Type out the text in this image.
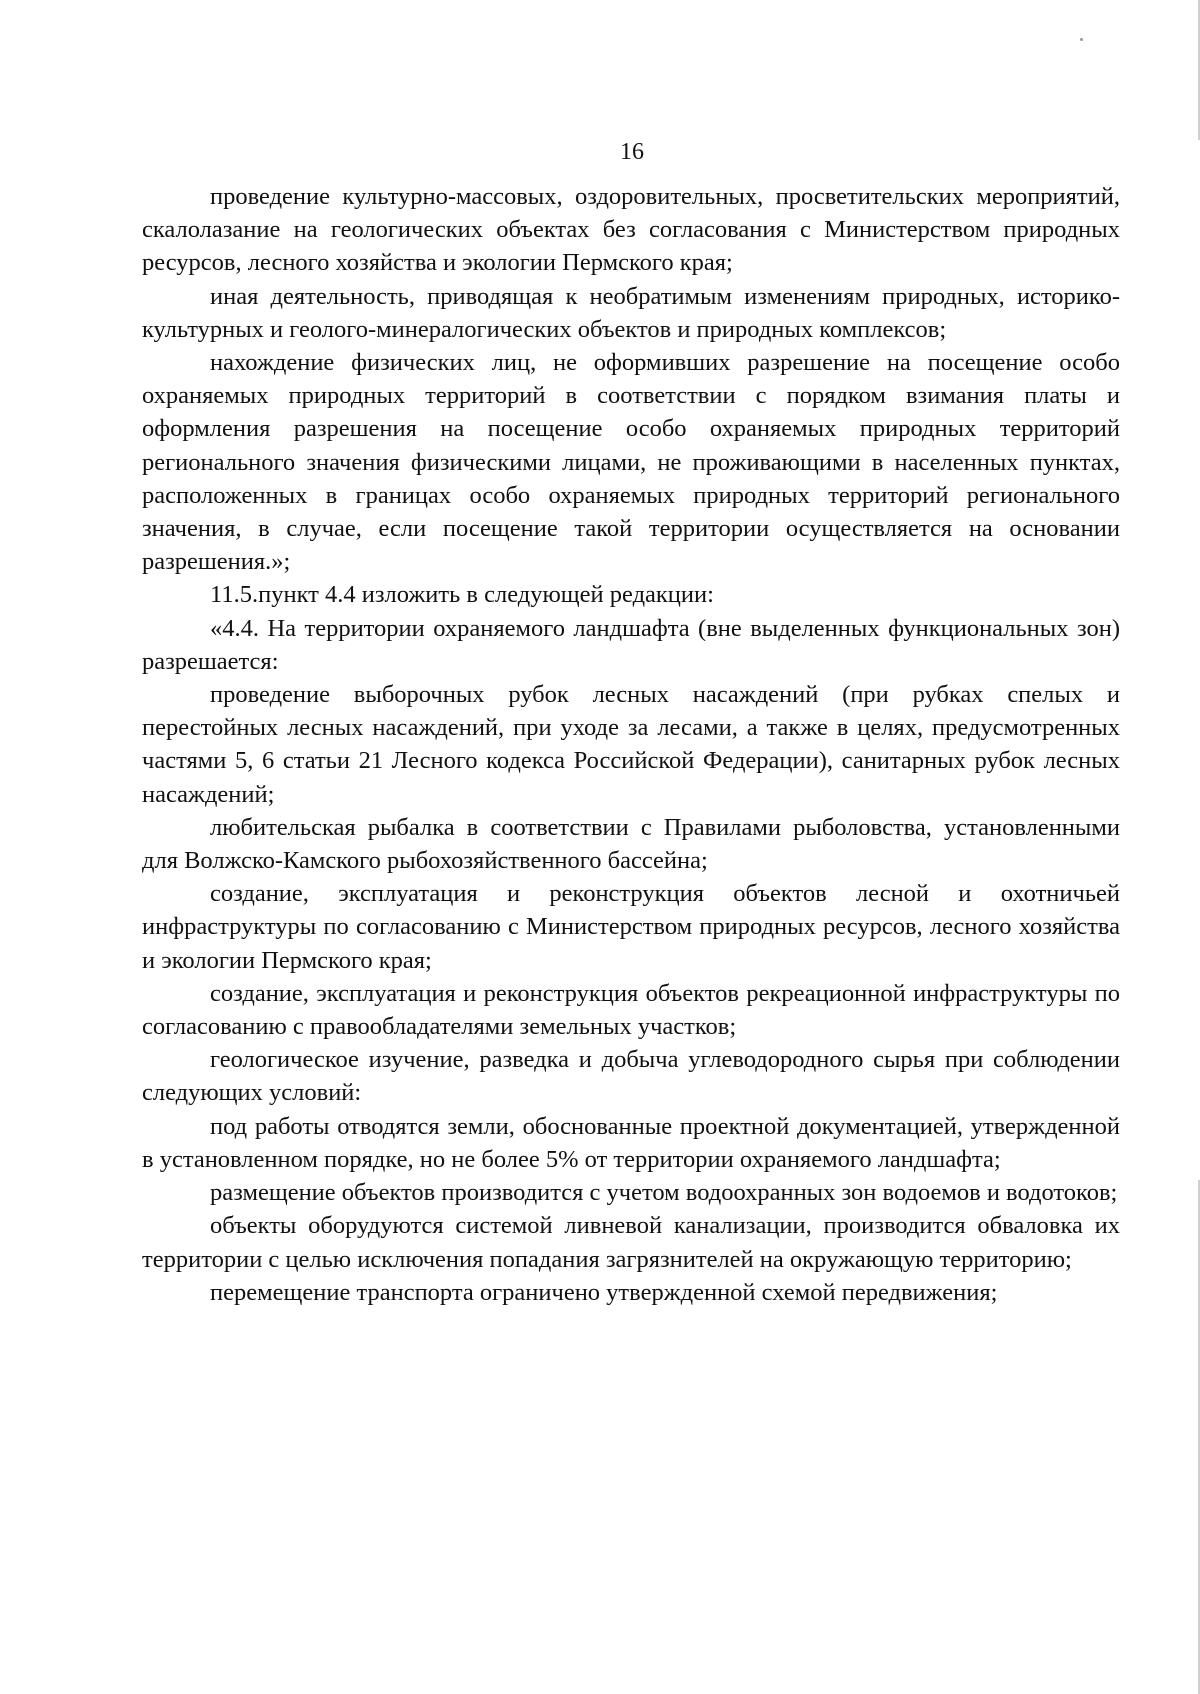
16

проведение культурно-массовых, оздоровительных, просветительских мероприятий, скалолазание на геологических объектах без согласования с Министерством природных ресурсов, лесного хозяйства и экологии Пермского края;

иная деятельность, приводящая к необратимым изменениям природных, историко-культурных и геолого-минералогических объектов и природных комплексов;

нахождение физических лиц, не оформивших разрешение на посещение особо охраняемых природных территорий в соответствии с порядком взимания платы и оформления разрешения на посещение особо охраняемых природных территорий регионального значения физическими лицами, не проживающими в населенных пунктах, расположенных в границах особо охраняемых природных территорий регионального значения, в случае, если посещение такой территории осуществляется на основании разрешения.»;

11.5.пункт 4.4 изложить в следующей редакции:

«4.4. На территории охраняемого ландшафта (вне выделенных функциональных зон) разрешается:

проведение выборочных рубок лесных насаждений (при рубках спелых и перестойных лесных насаждений, при уходе за лесами, а также в целях, предусмотренных частями 5, 6 статьи 21 Лесного кодекса Российской Федерации), санитарных рубок лесных насаждений;

любительская рыбалка в соответствии с Правилами рыболовства, установленными для Волжско-Камского рыбохозяйственного бассейна;

создание, эксплуатация и реконструкция объектов лесной и охотничьей инфраструктуры по согласованию с Министерством природных ресурсов, лесного хозяйства и экологии Пермского края;

создание, эксплуатация и реконструкция объектов рекреационной инфраструктуры по согласованию с правообладателями земельных участков;

геологическое изучение, разведка и добыча углеводородного сырья при соблюдении следующих условий:

под работы отводятся земли, обоснованные проектной документацией, утвержденной в установленном порядке, но не более 5% от территории охраняемого ландшафта;

размещение объектов производится с учетом водоохранных зон водоемов и водотоков;

объекты оборудуются системой ливневой канализации, производится обваловка их территории с целью исключения попадания загрязнителей на окружающую территорию;

перемещение транспорта ограничено утвержденной схемой передвижения;
